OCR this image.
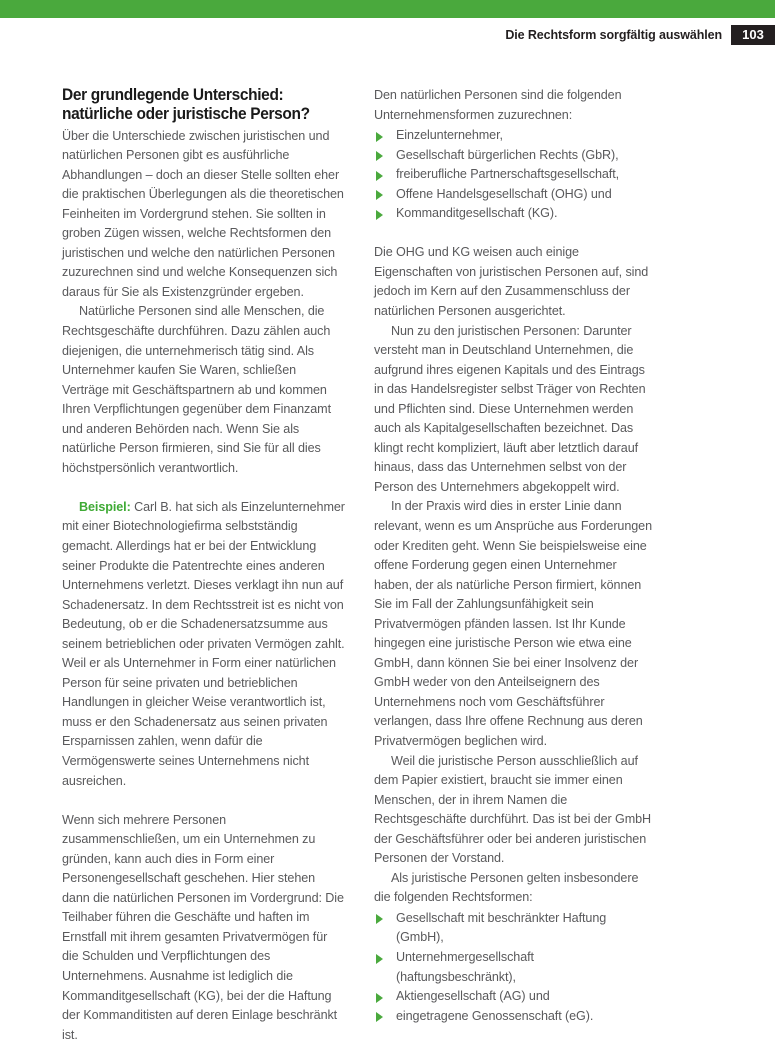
Die Rechtsform sorgfältig auswählen	103
Der grundlegende Unterschied:
natürliche oder juristische Person?

Über die Unterschiede zwischen juristischen und natürlichen Personen gibt es ausführliche Abhandlungen – doch an dieser Stelle sollten eher die praktischen Überlegungen als die theoretischen Feinheiten im Vordergrund stehen. Sie sollten in groben Zügen wissen, welche Rechtsformen den juristischen und welche den natürlichen Personen zuzurechnen sind und welche Konsequenzen sich daraus für Sie als Existenzgründer ergeben.

Natürliche Personen sind alle Menschen, die Rechtsgeschäfte durchführen. Dazu zählen auch diejenigen, die unternehmerisch tätig sind. Als Unternehmer kaufen Sie Waren, schließen Verträge mit Geschäftspartnern ab und kommen Ihren Verpflichtungen gegenüber dem Finanzamt und anderen Behörden nach. Wenn Sie als natürliche Person firmieren, sind Sie für all dies höchstpersönlich verantwortlich.

Beispiel: Carl B. hat sich als Einzelunternehmer mit einer Biotechnologiefirma selbstständig gemacht. Allerdings hat er bei der Entwicklung seiner Produkte die Patentrechte eines anderen Unternehmens verletzt. Dieses verklagt ihn nun auf Schadenersatz. In dem Rechtsstreit ist es nicht von Bedeutung, ob er die Schadenersatzsumme aus seinem betrieblichen oder privaten Vermögen zahlt. Weil er als Unternehmer in Form einer natürlichen Person für seine privaten und betrieblichen Handlungen in gleicher Weise verantwortlich ist, muss er den Schadenersatz aus seinen privaten Ersparnissen zahlen, wenn dafür die Vermögenswerte seines Unternehmens nicht ausreichen.

Wenn sich mehrere Personen zusammenschließen, um ein Unternehmen zu gründen, kann auch dies in Form einer Personengesellschaft geschehen. Hier stehen dann die natürlichen Personen im Vordergrund: Die Teilhaber führen die Geschäfte und haften im Ernstfall mit ihrem gesamten Privatvermögen für die Schulden und Verpflichtungen des Unternehmens. Ausnahme ist lediglich die Kommanditgesellschaft (KG), bei der die Haftung der Kommanditisten auf deren Einlage beschränkt ist.

Den natürlichen Personen sind die folgenden Unternehmensformen zuzurechnen:

Einzelunternehmer,
Gesellschaft bürgerlichen Rechts (GbR),
freiberufliche Partnerschaftsgesellschaft,
Offene Handelsgesellschaft (OHG) und
Kommanditgesellschaft (KG).

Die OHG und KG weisen auch einige Eigenschaften von juristischen Personen auf, sind jedoch im Kern auf den Zusammenschluss der natürlichen Personen ausgerichtet.

Nun zu den juristischen Personen: Darunter versteht man in Deutschland Unternehmen, die aufgrund ihres eigenen Kapitals und des Eintrags in das Handelsregister selbst Träger von Rechten und Pflichten sind. Diese Unternehmen werden auch als Kapitalgesellschaften bezeichnet. Das klingt recht kompliziert, läuft aber letztlich darauf hinaus, dass das Unternehmen selbst von der Person des Unternehmers abgekoppelt wird.

In der Praxis wird dies in erster Linie dann relevant, wenn es um Ansprüche aus Forderungen oder Krediten geht. Wenn Sie beispielsweise eine offene Forderung gegen einen Unternehmer haben, der als natürliche Person firmiert, können Sie im Fall der Zahlungsunfähigkeit sein Privatvermögen pfänden lassen. Ist Ihr Kunde hingegen eine juristische Person wie etwa eine GmbH, dann können Sie bei einer Insolvenz der GmbH weder von den Anteilseignern des Unternehmens noch vom Geschäftsführer verlangen, dass Ihre offene Rechnung aus deren Privatvermögen beglichen wird.

Weil die juristische Person ausschließlich auf dem Papier existiert, braucht sie immer einen Menschen, der in ihrem Namen die Rechtsgeschäfte durchführt. Das ist bei der GmbH der Geschäftsführer oder bei anderen juristischen Personen der Vorstand.

Als juristische Personen gelten insbesondere die folgenden Rechtsformen:

Gesellschaft mit beschränkter Haftung (GmbH),
Unternehmergesellschaft (haftungsbeschränkt),
Aktiengesellschaft (AG) und
eingetragene Genossenschaft (eG).
